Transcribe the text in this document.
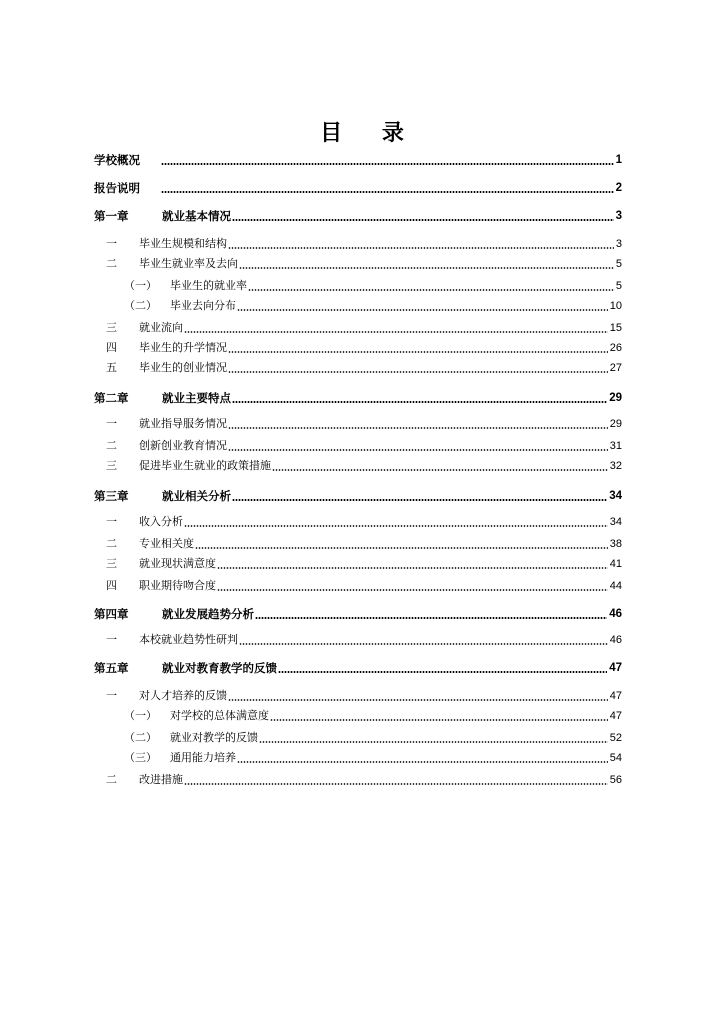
目 录
学校概况	1
报告说明	2
第一章	就业基本情况	3
一	毕业生规模和结构	3
二	毕业生就业率及去向	5
（一）	毕业生的就业率	5
（二）	毕业去向分布	10
三	就业流向	15
四	毕业生的升学情况	26
五	毕业生的创业情况	27
第二章	就业主要特点	29
一	就业指导服务情况	29
二	创新创业教育情况	31
三	促进毕业生就业的政策措施	32
第三章	就业相关分析	34
一	收入分析	34
二	专业相关度	38
三	就业现状满意度	41
四	职业期待吻合度	44
第四章	就业发展趋势分析	46
一	本校就业趋势性研判	46
第五章	就业对教育教学的反馈	47
一	对人才培养的反馈	47
（一）	对学校的总体满意度	47
（二）	就业对教学的反馈	52
（三）	通用能力培养	54
二	改进措施	56
